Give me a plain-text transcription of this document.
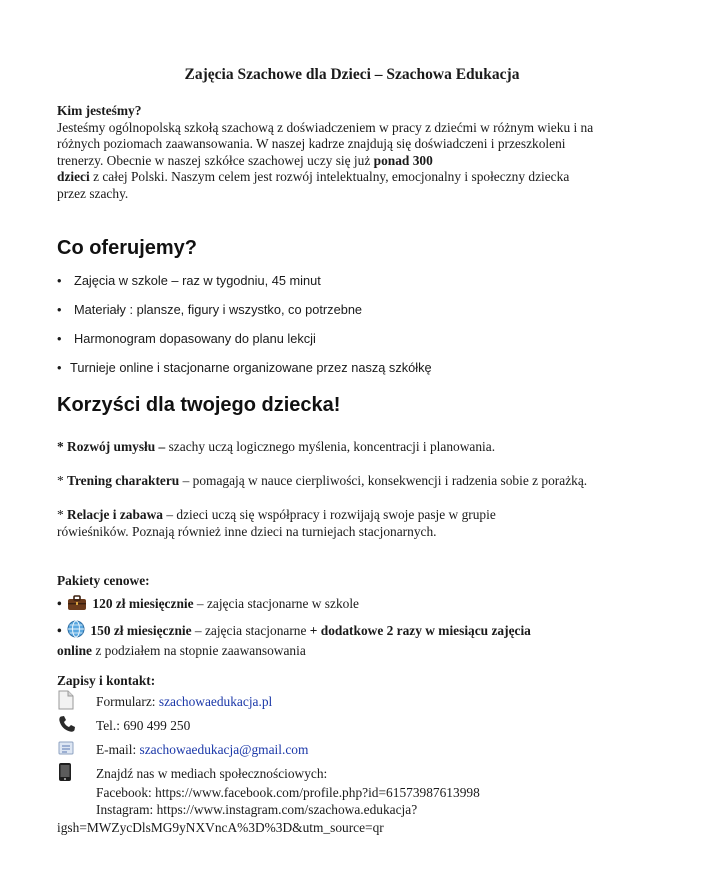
Zajęcia Szachowe dla Dzieci – Szachowa Edukacja

Kim jesteśmy?

Jesteśmy ogólnopolską szkołą szachową z doświadczeniem w pracy z dziećmi w różnym wieku i na

różnych poziomach zaawansowania. W naszej kadrze znajdują się doświadczeni i przeszkoleni

trenerzy. Obecnie w naszej szkółce szachowej uczy się już ponad 300

dzieci z całej Polski. Naszym celem jest rozwój intelektualny, emocjonalny i społeczny dziecka

przez szachy.

Co oferujemy?
• Zajęcia w szkole – raz w tygodniu, 45 minut
• Materiały : plansze, figury i wszystko, co potrzebne
• Harmonogram dopasowany do planu lekcji
• Turnieje online i stacjonarne organizowane przez naszą szkółkę
Korzyści dla twojego dziecka!
* Rozwój umysłu – szachy uczą logicznego myślenia, koncentracji i planowania.
* Trening charakteru – pomagają w nauce cierpliwości, konsekwencji i radzenia sobie z porażką.
* Relacje i zabawa – dzieci uczą się współpracy i rozwijają swoje pasje w grupie
rówieśników. Poznają również inne dzieci na turniejach stacjonarnych.
Pakiety cenowe:
• 120 zł miesięcznie – zajęcia stacjonarne w szkole
• 150 zł miesięcznie – zajęcia stacjonarne + dodatkowe 2 razy w miesiącu zajęcia
online z podziałem na stopnie zaawansowania
Zapisy i kontakt:
Formularz: szachowaedukacja.pl
Tel.: 690 499 250
E-mail: szachowaedukacja@gmail.com
Znajdź nas w mediach społecznościowych:
Facebook: https://www.facebook.com/profile.php?id=61573987613998
Instagram: https://www.instagram.com/szachowa.edukacja?
igsh=MWZycDlsMG9yNXVncA%3D%3D&utm_source=qr
